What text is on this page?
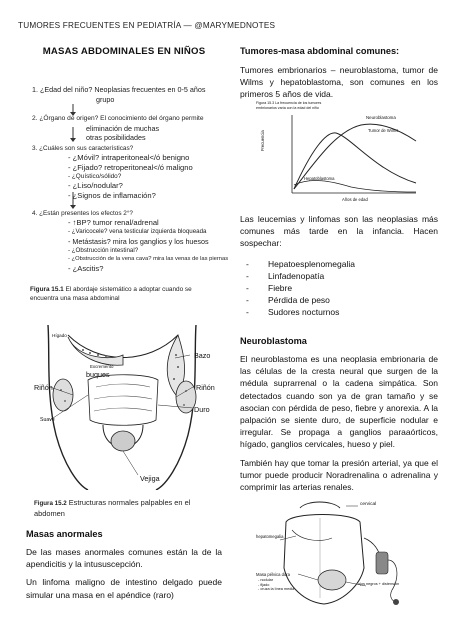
TUMORES FRECUENTES EN PEDIATRÍA — @MARYMEDNOTES
MASAS ABDOMINALES EN NIÑOS
1. ¿Edad del niño? Neoplasias frecuentes en 0-5 años
grupo
2. ¿Órgano de origen? El conocimiento del órgano permite
eliminación de muchas
otras posibilidades
3. ¿Cuáles son sus características?
- ¿Móvil? intraperitoneal</ó benigno
- ¿Fijado? retroperitoneal</ó maligno
- ¿Quístico/sólido?
- ¿Liso/nodular?
- ¿Signos de inflamación?
4. ¿Están presentes los efectos 2°?
- ↑BP? tumor renal/adrenal
- ¿Varicocele? vena testicular izquierda bloqueada
- Metástasis? mira los ganglios y los huesos
- ¿Obstrucción intestinal?
- ¿Obstrucción de la vena cava? mira las venas de las piernas
- ¿Ascitis?
Figura 15.1 El abordaje sistemático a adoptar cuando se encuentra una masa abdominal
Hígado
Bazo
Excremento
buques
Riñón	Riñón
Duro
Suave
Vejiga
Figura 15.2 Estructuras normales palpables en el abdomen
Masas anormales

De las mases anormales comunes están la de la apendicitis y la intususcepción.

Un linfoma maligno de intestino delgado puede simular una masa en el apéndice (raro)

Tumores-masa abdominal comunes:

Tumores embrionarios – neuroblastoma, tumor de Wilms y hepatoblastoma, son comunes en los primeros 5 años de vida.

Figura 15.3 La frecuencia de los tumores embrionarios varía con la edad del niño
Neuroblastoma
Tumor de Wilms
Hepatoblastoma
Frecuencia
Años de edad

Las leucemias y linfomas son las neoplasias más comunes más tarde en la infancia. Hacen sospechar:

- Hepatoesplenomegalia
- Linfadenopatía
- Fiebre
- Pérdida de peso
- Sudores nocturnos
Neuroblastoma

El neuroblastoma es una neoplasia embrionaria de las células de la cresta neural que surgen de la médula suprarrenal o la cadena simpática. Son detectados cuando son ya de gran tamaño y se asocian con pérdida de peso, fiebre y anorexia. A la palpación se siente duro, de superficie nodular e irregular. Se propaga a ganglios paraaórticos, hígado, ganglios cervicales, hueso y piel.

También hay que tomar la presión arterial, ya que el tumor puede producir Noradrenalina o adrenalina y comprimir las arterias renales.

cervical
hepatomegalia
Masa pélvica dura
- nodular
- fijado
- cruza la línea media
ojos negros + distensión
